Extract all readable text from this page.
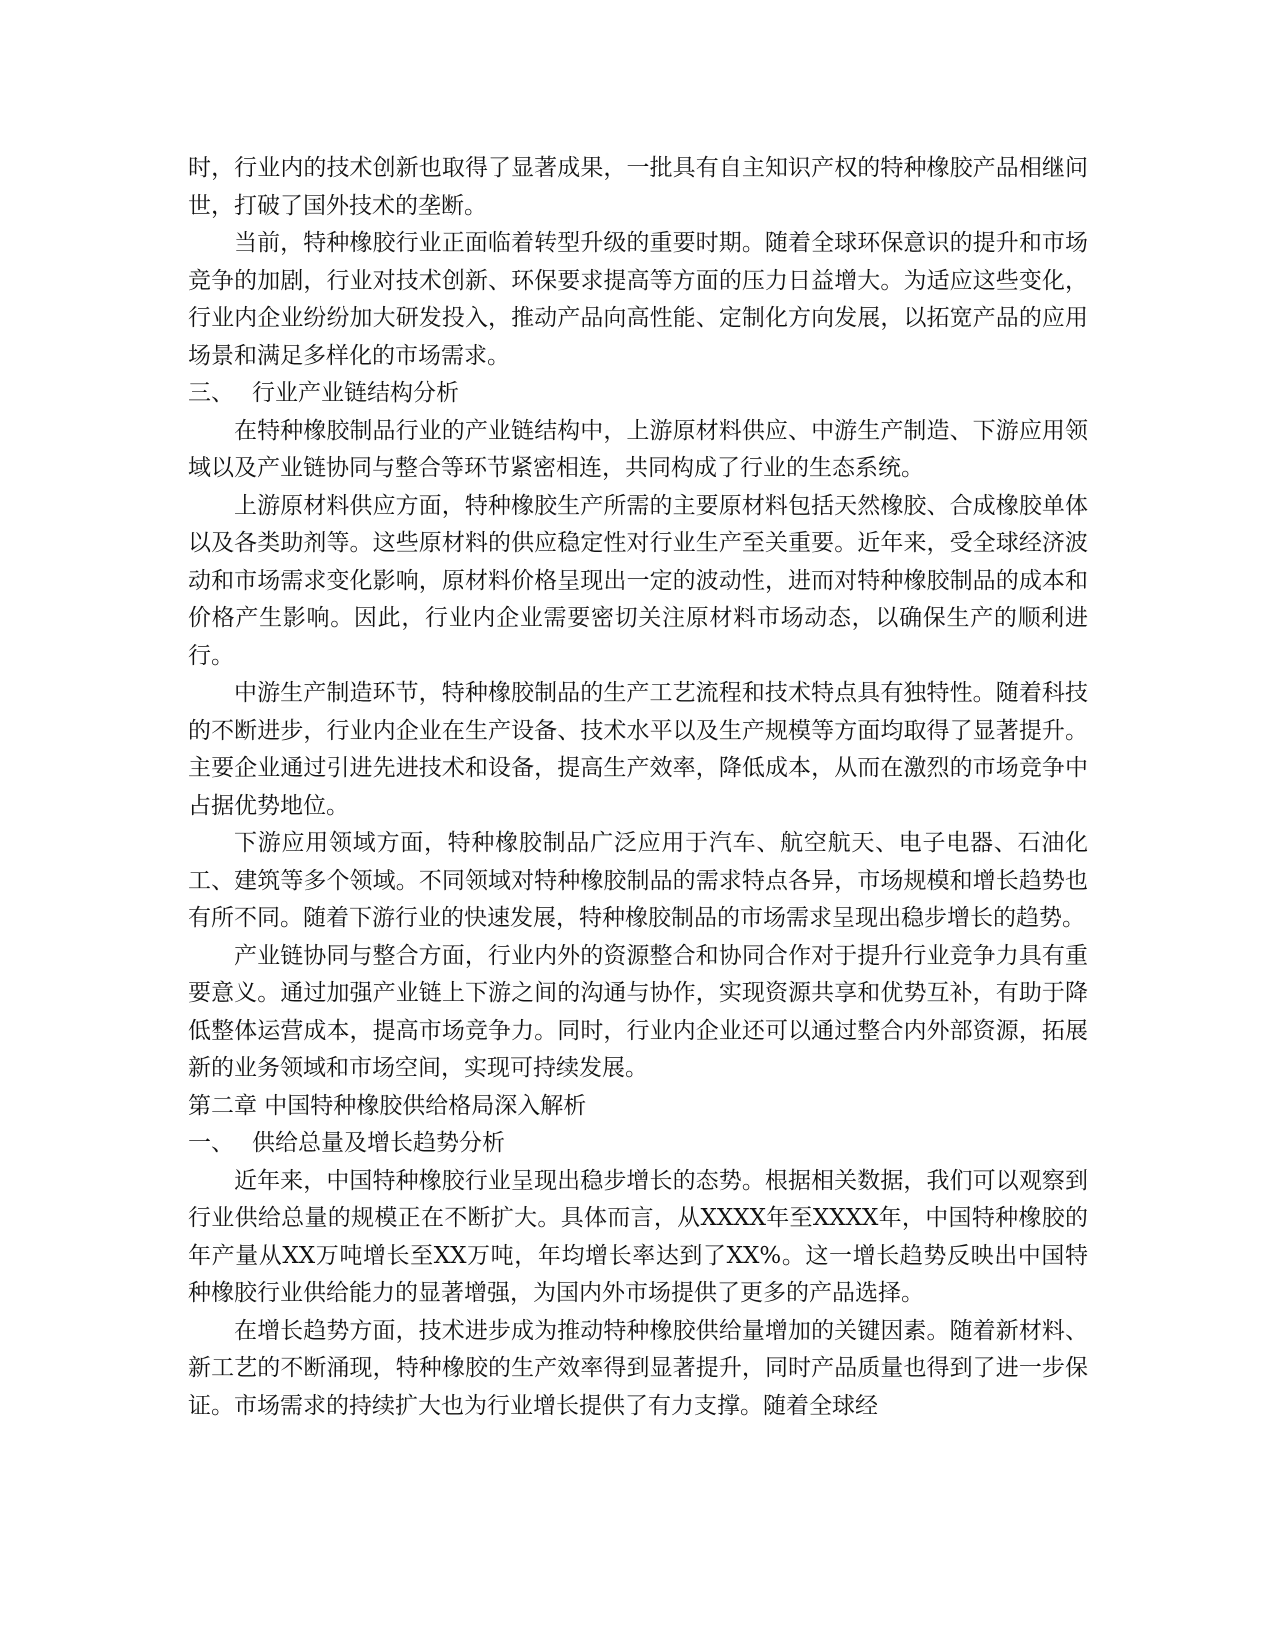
时，行业内的技术创新也取得了显著成果，一批具有自主知识产权的特种橡胶产品相继问世，打破了国外技术的垄断。

当前，特种橡胶行业正面临着转型升级的重要时期。随着全球环保意识的提升和市场竞争的加剧，行业对技术创新、环保要求提高等方面的压力日益增大。为适应这些变化，行业内企业纷纷加大研发投入，推动产品向高性能、定制化方向发展，以拓宽产品的应用场景和满足多样化的市场需求。

三、 行业产业链结构分析

在特种橡胶制品行业的产业链结构中，上游原材料供应、中游生产制造、下游应用领域以及产业链协同与整合等环节紧密相连，共同构成了行业的生态系统。

上游原材料供应方面，特种橡胶生产所需的主要原材料包括天然橡胶、合成橡胶单体以及各类助剂等。这些原材料的供应稳定性对行业生产至关重要。近年来，受全球经济波动和市场需求变化影响，原材料价格呈现出一定的波动性，进而对特种橡胶制品的成本和价格产生影响。因此，行业内企业需要密切关注原材料市场动态，以确保生产的顺利进行。

中游生产制造环节，特种橡胶制品的生产工艺流程和技术特点具有独特性。随着科技的不断进步，行业内企业在生产设备、技术水平以及生产规模等方面均取得了显著提升。主要企业通过引进先进技术和设备，提高生产效率，降低成本，从而在激烈的市场竞争中占据优势地位。

下游应用领域方面，特种橡胶制品广泛应用于汽车、航空航天、电子电器、石油化工、建筑等多个领域。不同领域对特种橡胶制品的需求特点各异，市场规模和增长趋势也有所不同。随着下游行业的快速发展，特种橡胶制品的市场需求呈现出稳步增长的趋势。

产业链协同与整合方面，行业内外的资源整合和协同合作对于提升行业竞争力具有重要意义。通过加强产业链上下游之间的沟通与协作，实现资源共享和优势互补，有助于降低整体运营成本，提高市场竞争力。同时，行业内企业还可以通过整合内外部资源，拓展新的业务领域和市场空间，实现可持续发展。

第二章 中国特种橡胶供给格局深入解析

一、 供给总量及增长趋势分析

近年来，中国特种橡胶行业呈现出稳步增长的态势。根据相关数据，我们可以观察到行业供给总量的规模正在不断扩大。具体而言，从XXXX年至XXXX年，中国特种橡胶的年产量从XX万吨增长至XX万吨，年均增长率达到了XX%。这一增长趋势反映出中国特种橡胶行业供给能力的显著增强，为国内外市场提供了更多的产品选择。

在增长趋势方面，技术进步成为推动特种橡胶供给量增加的关键因素。随着新材料、新工艺的不断涌现，特种橡胶的生产效率得到显著提升，同时产品质量也得到了进一步保证。市场需求的持续扩大也为行业增长提供了有力支撑。随着全球经
